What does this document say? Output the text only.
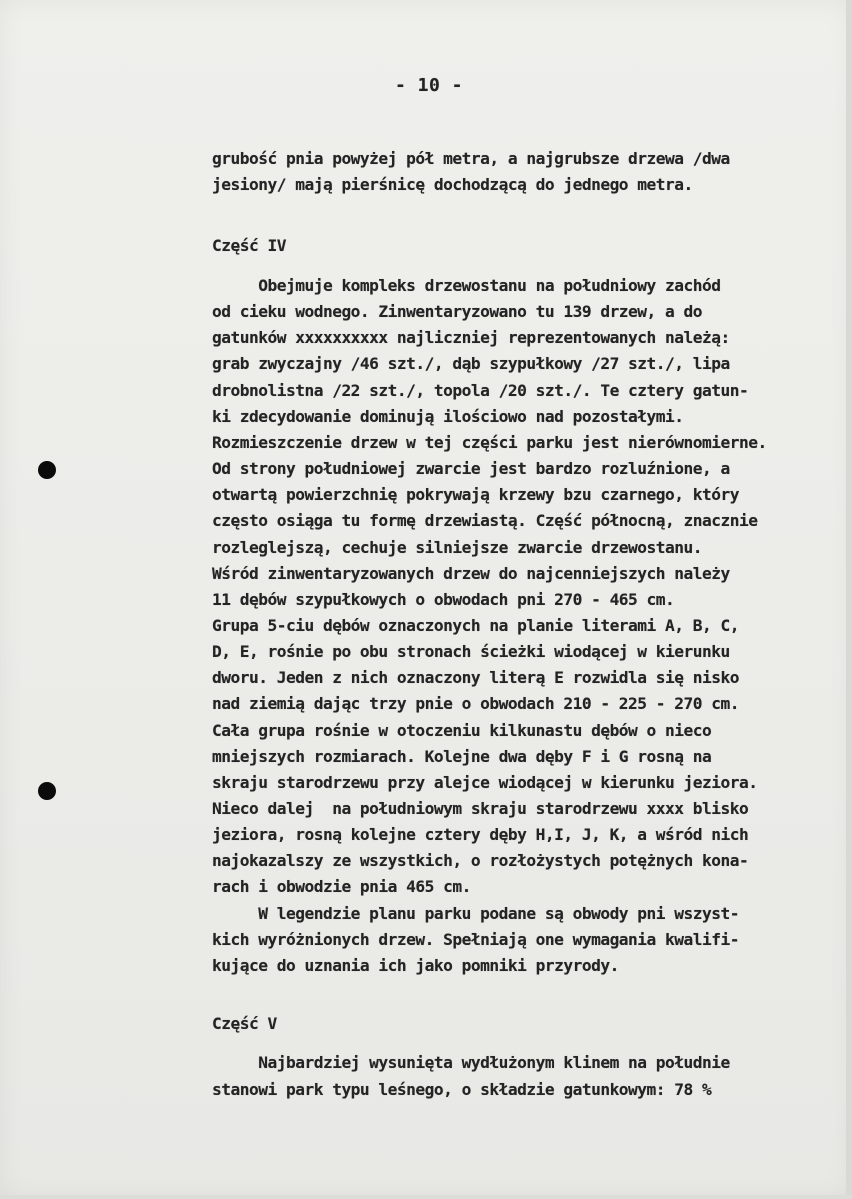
- 10 -
grubość pnia powyżej pół metra, a najgrubsze drzewa /dwa
jesiony/ mają pierśnicę dochodzącą do jednego metra.
Część IV
Obejmuje kompleks drzewostanu na południowy zachód
od cieku wodnego. Zinwentaryzowano tu 139 drzew, a do
gatunków xxxxxxxxxx najliczniej reprezentowanych należą:
grab zwyczajny /46 szt./, dąb szypułkowy /27 szt./, lipa
drobnolistna /22 szt./, topola /20 szt./. Te cztery gatun-
ki zdecydowanie dominują ilościowo nad pozostałymi.
Rozmieszczenie drzew w tej części parku jest nierównomierne.
Od strony południowej zwarcie jest bardzo rozluźnione, a
otwartą powierzchnię pokrywają krzewy bzu czarnego, który
często osiąga tu formę drzewiastą. Część północną, znacznie
rozleglejszą, cechuje silniejsze zwarcie drzewostanu.
Wśród zinwentaryzowanych drzew do najcenniejszych należy
11 dębów szypułkowych o obwodach pni 270 - 465 cm.
Grupa 5-ciu dębów oznaczonych na planie literami A, B, C,
D, E, rośnie po obu stronach ścieżki wiodącej w kierunku
dworu. Jeden z nich oznaczony literą E rozwidla się nisko
nad ziemią dając trzy pnie o obwodach 210 - 225 - 270 cm.
Cała grupa rośnie w otoczeniu kilkunastu dębów o nieco
mniejszych rozmiarach. Kolejne dwa dęby F i G rosną na
skraju starodrzewu przy alejce wiodącej w kierunku jeziora.
Nieco dalej  na południowym skraju starodrzewu xxxx blisko
jeziora, rosną kolejne cztery dęby H,I, J, K, a wśród nich
najokazalszy ze wszystkich, o rozłożystych potężnych kona-
rach i obwodzie pnia 465 cm.
W legendzie planu parku podane są obwody pni wszyst-
kich wyróżnionych drzew. Spełniają one wymagania kwalifi-
kujące do uznania ich jako pomniki przyrody.
Część V
Najbardziej wysunięta wydłużonym klinem na południe
stanowi park typu leśnego, o składzie gatunkowym: 78 %
